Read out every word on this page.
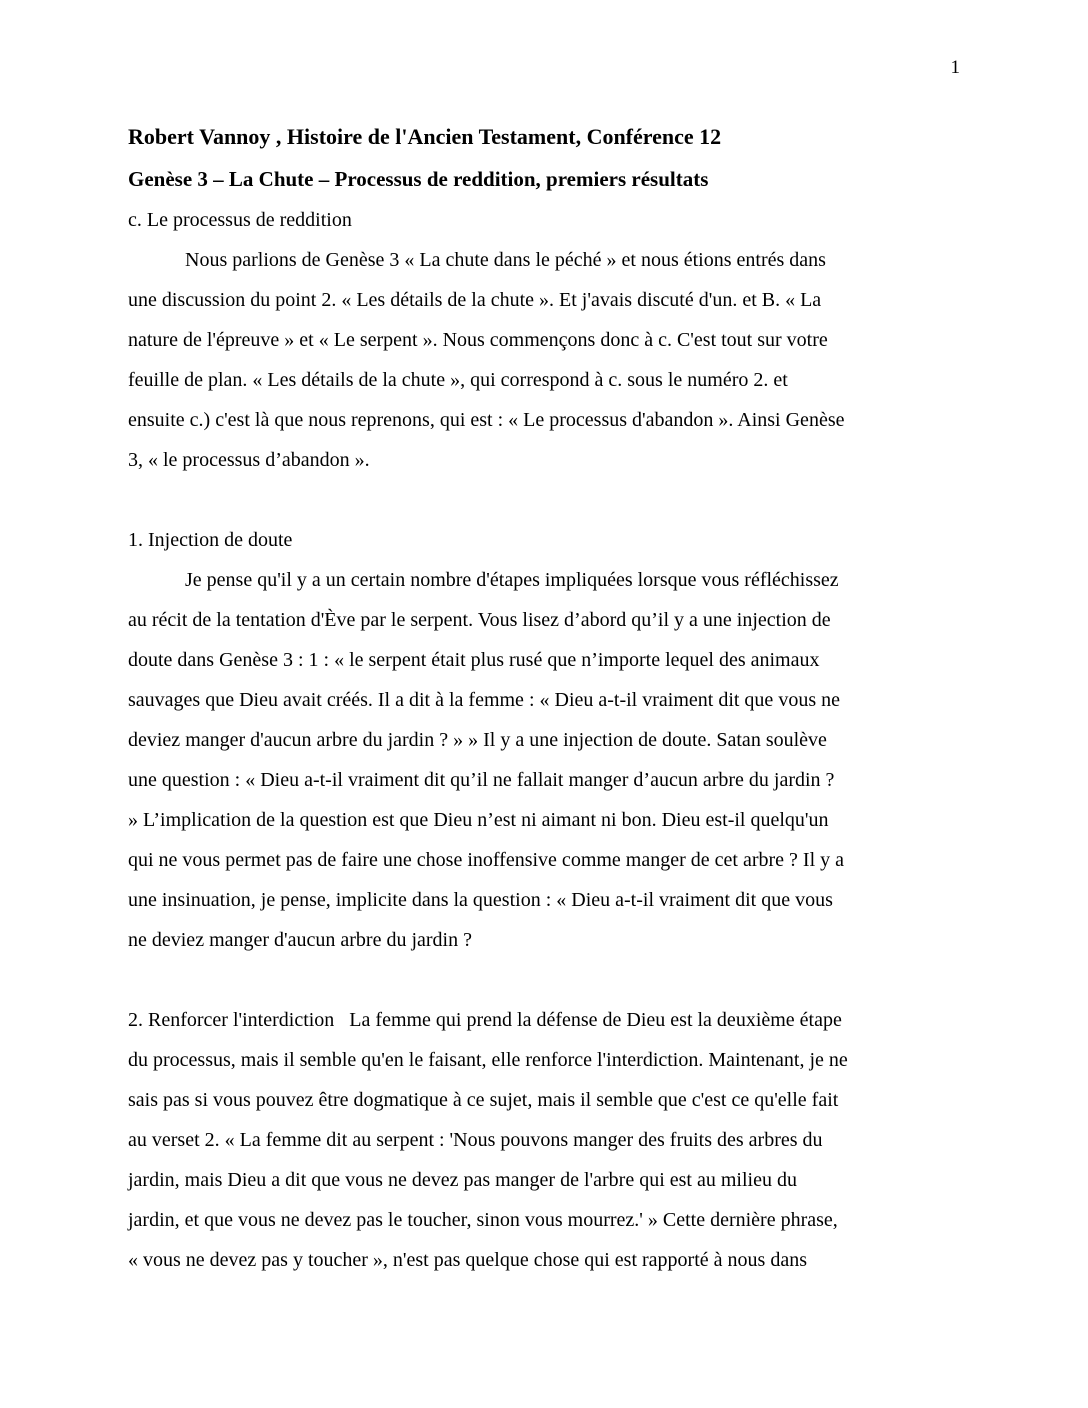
1
Robert Vannoy , Histoire de l'Ancien Testament, Conférence 12
Genèse 3 – La Chute – Processus de reddition, premiers résultats
c. Le processus de reddition
Nous parlions de Genèse 3 « La chute dans le péché » et nous étions entrés dans
une discussion du point 2. « Les détails de la chute ». Et j'avais discuté d'un. et B. « La
nature de l'épreuve » et « Le serpent ». Nous commençons donc à c. C'est tout sur votre
feuille de plan. « Les détails de la chute », qui correspond à c. sous le numéro 2. et
ensuite c.) c'est là que nous reprenons, qui est : « Le processus d'abandon ». Ainsi Genèse
3, « le processus d’abandon ».
1. Injection de doute
Je pense qu'il y a un certain nombre d'étapes impliquées lorsque vous réfléchissez
au récit de la tentation d'Ève par le serpent. Vous lisez d’abord qu’il y a une injection de
doute dans Genèse 3 : 1 : « le serpent était plus rusé que n’importe lequel des animaux
sauvages que Dieu avait créés. Il a dit à la femme : « Dieu a-t-il vraiment dit que vous ne
deviez manger d'aucun arbre du jardin ? » » Il y a une injection de doute. Satan soulève
une question : « Dieu a-t-il vraiment dit qu’il ne fallait manger d’aucun arbre du jardin ?
» L’implication de la question est que Dieu n’est ni aimant ni bon. Dieu est-il quelqu'un
qui ne vous permet pas de faire une chose inoffensive comme manger de cet arbre ? Il y a
une insinuation, je pense, implicite dans la question : « Dieu a-t-il vraiment dit que vous
ne deviez manger d'aucun arbre du jardin ?
2. Renforcer l'interdiction   La femme qui prend la défense de Dieu est la deuxième étape
du processus, mais il semble qu'en le faisant, elle renforce l'interdiction. Maintenant, je ne
sais pas si vous pouvez être dogmatique à ce sujet, mais il semble que c'est ce qu'elle fait
au verset 2. « La femme dit au serpent : 'Nous pouvons manger des fruits des arbres du
jardin, mais Dieu a dit que vous ne devez pas manger de l'arbre qui est au milieu du
jardin, et que vous ne devez pas le toucher, sinon vous mourrez.' » Cette dernière phrase,
« vous ne devez pas y toucher », n'est pas quelque chose qui est rapporté à nous dans
